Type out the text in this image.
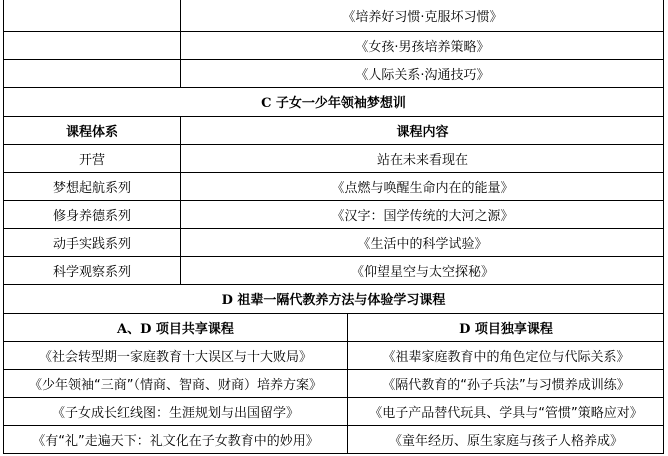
《培养好习惯·克服坏习惯》
《女孩·男孩培养策略》
《人际关系·沟通技巧》
C 子女一少年领袖梦想训
课程体系	课程内容
开营	站在未来看现在
梦想起航系列	《点燃与唤醒生命内在的能量》
修身养德系列	《汉字：国学传统的大河之源》
动手实践系列	《生活中的科学试验》
科学观察系列	《仰望星空与太空探秘》
D 祖辈一隔代教养方法与体验学习课程
A、D 项目共享课程	D 项目独享课程
《社会转型期一家庭教育十大误区与十大败局》	《祖辈家庭教育中的角色定位与代际关系》
《少年领袖“三商”（情商、智商、财商）培养方案》	《隔代教育的“孙子兵法”与习惯养成训练》
《子女成长红线图：生涯规划与出国留学》	《电子产品替代玩具、学具与“管惯”策略应对》
《有“礼”走遍天下：礼文化在子女教育中的妙用》	《童年经历、原生家庭与孩子人格养成》
